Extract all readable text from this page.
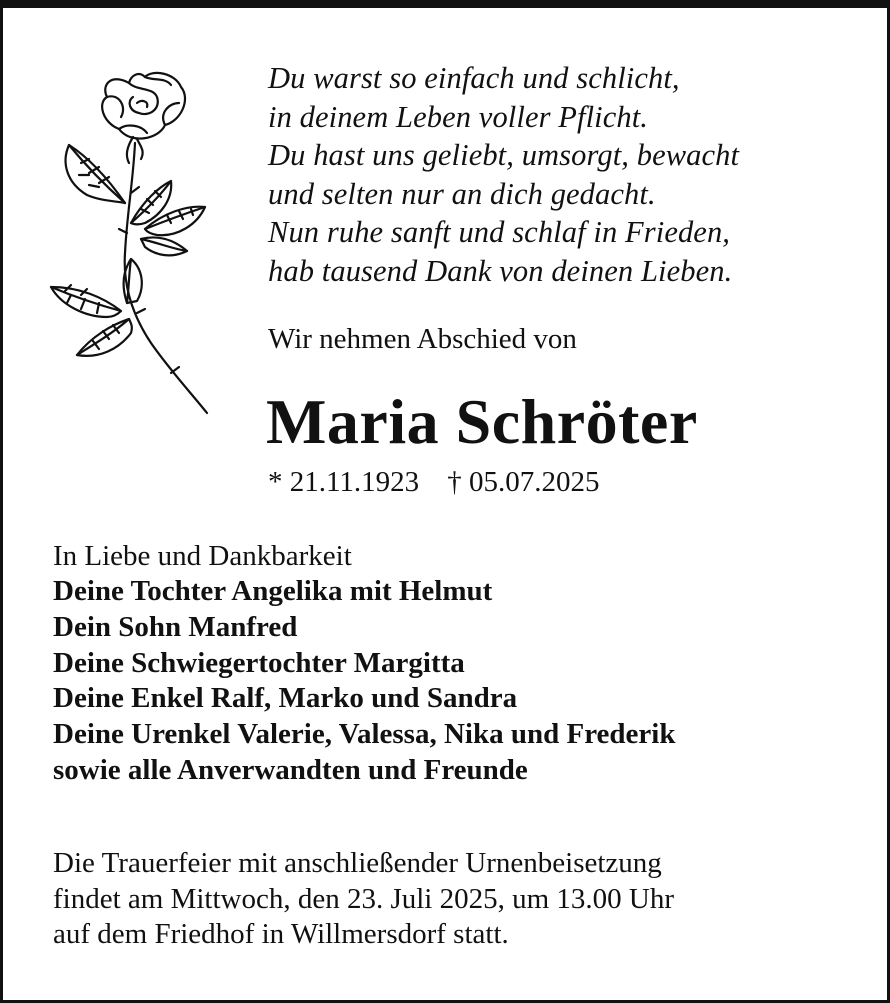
Du warst so einfach und schlicht,
in deinem Leben voller Pflicht.
Du hast uns geliebt, umsorgt, bewacht
und selten nur an dich gedacht.
Nun ruhe sanft und schlaf in Frieden,
hab tausend Dank von deinen Lieben.
Wir nehmen Abschied von
Maria Schröter
* 21.11.1923 † 05.07.2025
In Liebe und Dankbarkeit
Deine Tochter Angelika mit Helmut
Dein Sohn Manfred
Deine Schwiegertochter Margitta
Deine Enkel Ralf, Marko und Sandra
Deine Urenkel Valerie, Valessa, Nika und Frederik
sowie alle Anverwandten und Freunde
Die Trauerfeier mit anschließender Urnenbeisetzung
findet am Mittwoch, den 23. Juli 2025, um 13.00 Uhr
auf dem Friedhof in Willmersdorf statt.
